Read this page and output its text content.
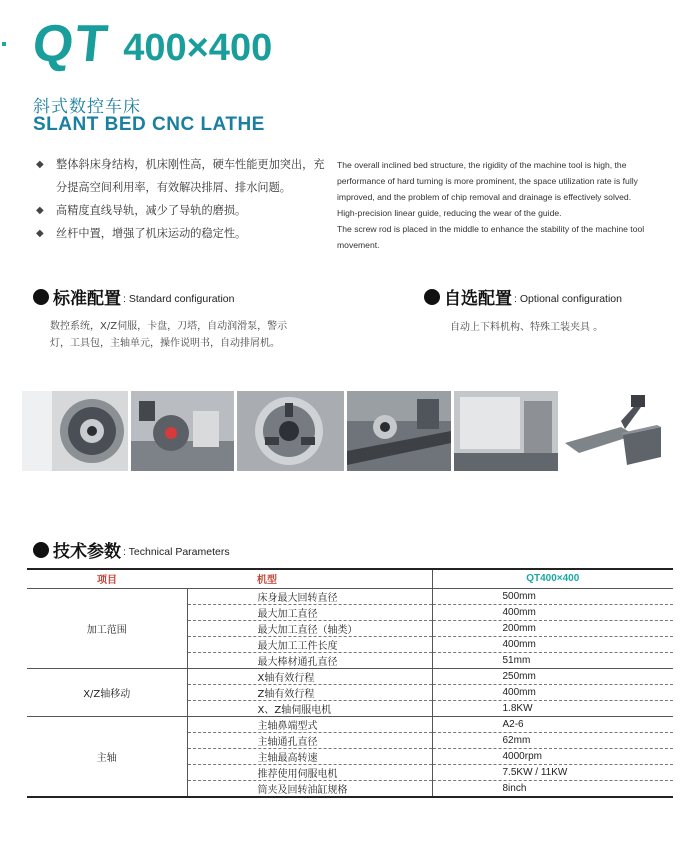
QT 400×400
斜式数控车床
SLANT BED CNC LATHE
◆ 整体斜床身结构，机床刚性高，硬车性能更加突出，充分提高空间利用率，有效解决排屑、排水问题。
◆ 高精度直线导轨，减少了导轨的磨损。
◆ 丝杆中置，增强了机床运动的稳定性。
The overall inclined bed structure, the rigidity of the machine tool is high, the performance of hard turning is more prominent, the space utilization rate is fully improved, and the problem of chip removal and drainage is effectively solved.
High-precision linear guide, reducing the wear of the guide.
The screw rod is placed in the middle to enhance the stability of the machine tool movement.
标准配置 : Standard configuration	自选配置 : Optional configuration
数控系统，X/Z伺服，卡盘，刀塔，自动润滑泵，警示灯，工具包，主轴单元，操作说明书，自动排屑机。
自动上下料机构、特殊工装夹具 。
技术参数 : Technical Parameters
项目	机型	QT400×400
加工范围	床身最大回转直径	500mm
	最大加工直径	400mm
	最大加工直径（轴类）	200mm
	最大加工工件长度	400mm
	最大棒材通孔直径	51mm
X/Z轴移动	X轴有效行程	250mm
	Z轴有效行程	400mm
	X、Z轴伺服电机	1.8KW
主轴	主轴鼻端型式	A2-6
	主轴通孔直径	62mm
	主轴最高转速	4000rpm
	推荐使用伺服电机	7.5KW / 11KW
	筒夹及回转油缸规格	8inch
